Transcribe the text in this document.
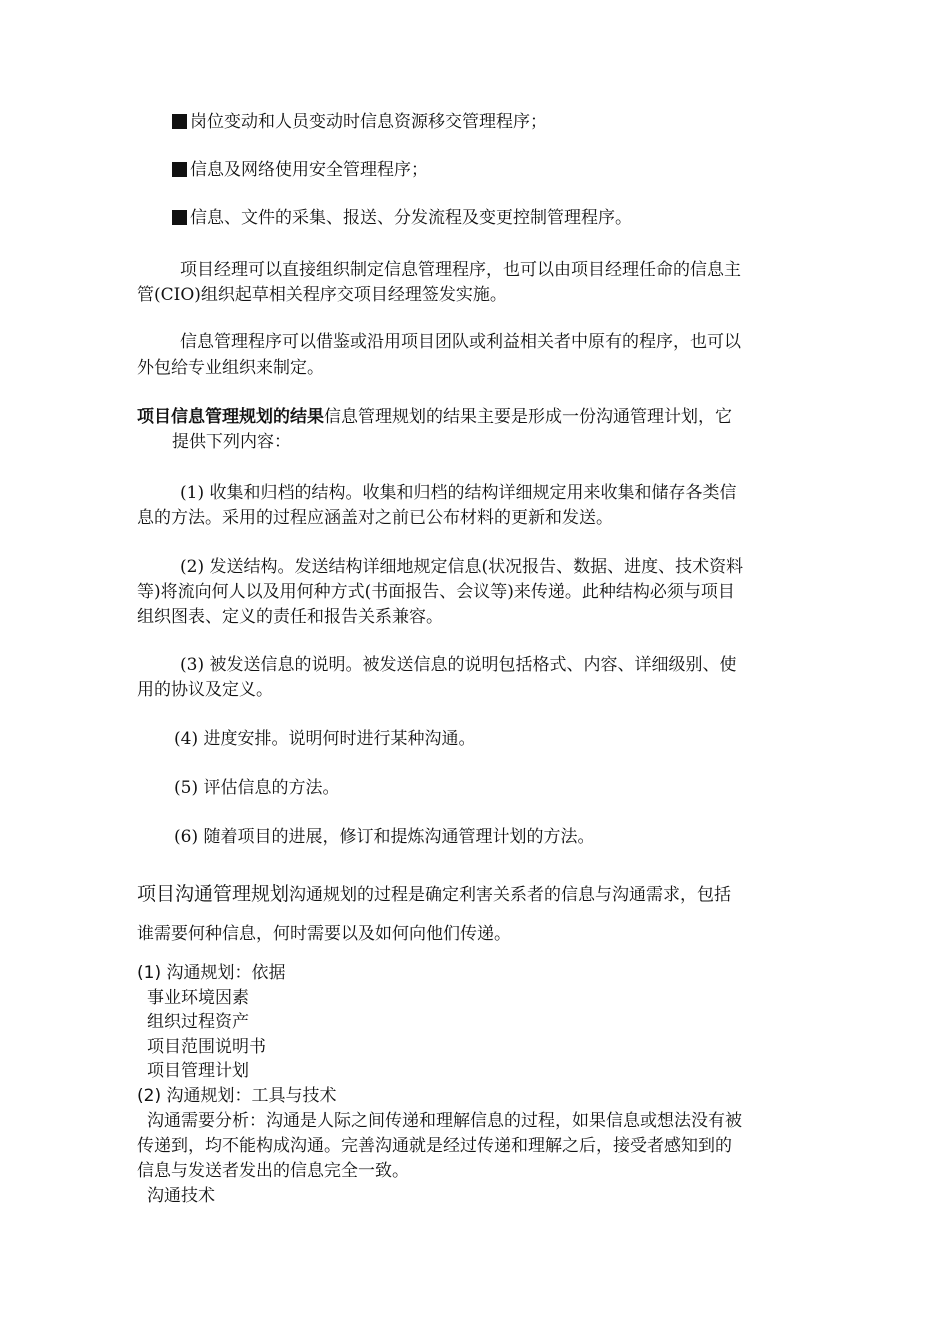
岗位变动和人员变动时信息资源移交管理程序；
信息及网络使用安全管理程序；
信息、文件的采集、报送、分发流程及变更控制管理程序。
项目经理可以直接组织制定信息管理程序，也可以由项目经理任命的信息主
管(CIO)组织起草相关程序交项目经理签发实施。
信息管理程序可以借鉴或沿用项目团队或利益相关者中原有的程序，也可以
外包给专业组织来制定。
项目信息管理规划的结果信息管理规划的结果主要是形成一份沟通管理计划，它
提供下列内容：
(1) 收集和归档的结构。收集和归档的结构详细规定用来收集和储存各类信
息的方法。采用的过程应涵盖对之前已公布材料的更新和发送。
(2) 发送结构。发送结构详细地规定信息(状况报告、数据、进度、技术资料
等)将流向何人以及用何种方式(书面报告、会议等)来传递。此种结构必须与项目
组织图表、定义的责任和报告关系兼容。
(3) 被发送信息的说明。被发送信息的说明包括格式、内容、详细级别、使
用的协议及定义。
(4) 进度安排。说明何时进行某种沟通。
(5) 评估信息的方法。
(6) 随着项目的进展，修订和提炼沟通管理计划的方法。
项目沟通管理规划沟通规划的过程是确定利害关系者的信息与沟通需求，包括
谁需要何种信息，何时需要以及如何向他们传递。
(1) 沟通规划：依据
事业环境因素
组织过程资产
项目范围说明书
项目管理计划
(2) 沟通规划：工具与技术
沟通需要分析：沟通是人际之间传递和理解信息的过程，如果信息或想法没有被
传递到，均不能构成沟通。完善沟通就是经过传递和理解之后，接受者感知到的
信息与发送者发出的信息完全一致。
沟通技术
